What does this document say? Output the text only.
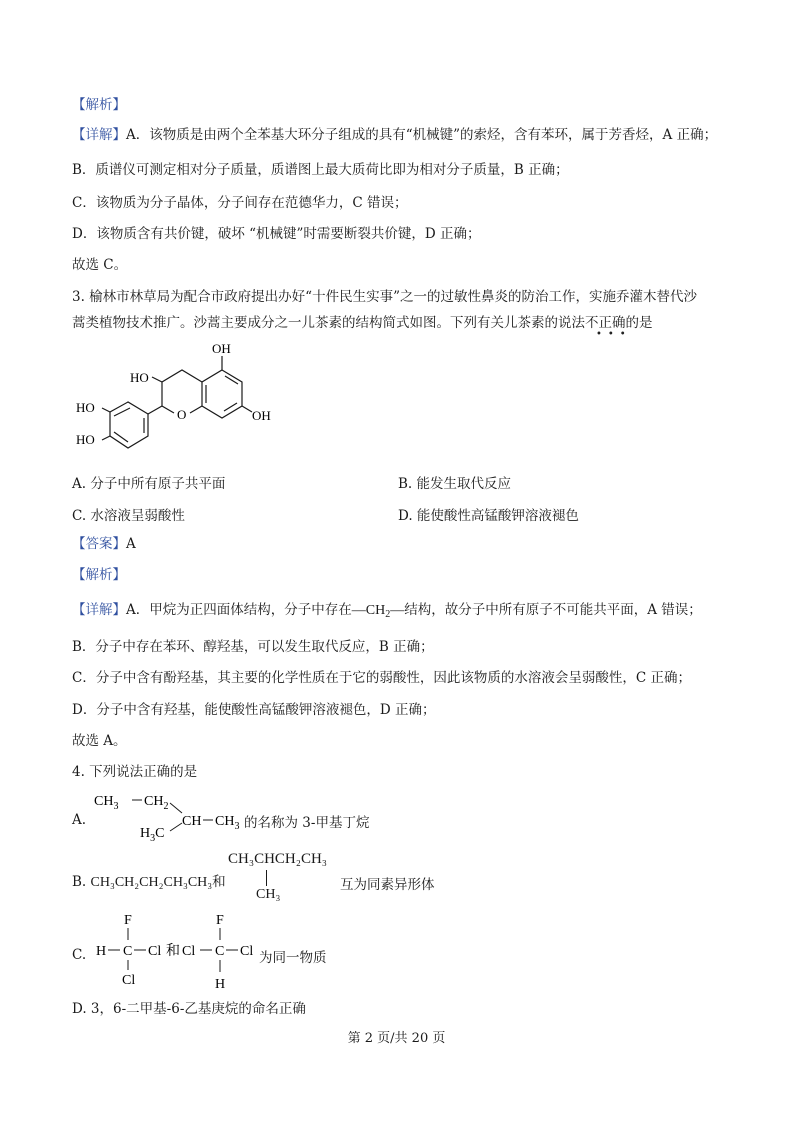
【解析】
【详解】A．该物质是由两个全苯基大环分子组成的具有“机械键”的索烃，含有苯环，属于芳香烃，A 正确；
B．质谱仪可测定相对分子质量，质谱图上最大质荷比即为相对分子质量，B 正确；
C．该物质为分子晶体，分子间存在范德华力，C 错误；
D．该物质含有共价键，破坏 “机械键”时需要断裂共价键，D 正确；
故选 C。
3. 榆林市林草局为配合市政府提出办好“十件民生实事”之一的过敏性鼻炎的防治工作，实施乔灌木替代沙
蒿类植物技术推广。沙蒿主要成分之一儿茶素的结构简式如图。下列有关儿茶素的说法不正确的是
•••
OH
HO
OH
O
HO
HO
A. 分子中所有原子共平面	B. 能发生取代反应
C. 水溶液呈弱酸性	D. 能使酸性高锰酸钾溶液褪色
【答案】A
【解析】
【详解】A．甲烷为正四面体结构，分子中存在$—CH_2—$结构，故分子中所有原子不可能共平面，A 错误；
B．分子中存在苯环、醇羟基，可以发生取代反应，B 正确；
C．分子中含有酚羟基，其主要的化学性质在于它的弱酸性，因此该物质的水溶液会呈弱酸性，C 正确；
D．分子中含有羟基，能使酸性高锰酸钾溶液褪色，D 正确；
故选 A。
4. 下列说法正确的是
A.
$CH_3$ $CH_2$
CH $CH_3$
$H_3C$
的名称为 3-甲基丁烷
B. CH₃CH₂CH₂CH₃CH₃和
CH₃CHCH₂CH₃
CH₃
互为同素异形体
C.
F
H C Cl
Cl
和 Cl
F
C Cl
H
为同一物质
D. 3，6-二甲基-6-乙基庚烷的命名正确
第 2 页/共 20 页
